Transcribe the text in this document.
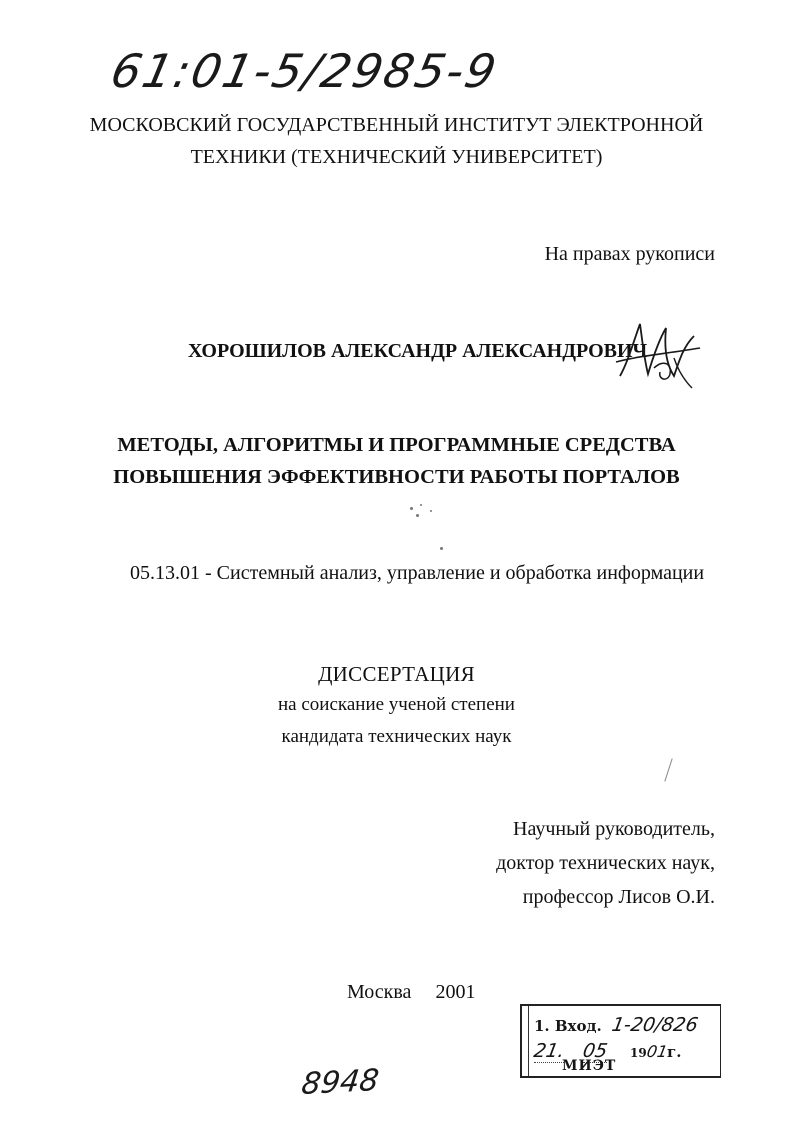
61:01-5/2985-9
МОСКОВСКИЙ ГОСУДАРСТВЕННЫЙ ИНСТИТУТ ЭЛЕКТРОННОЙ
ТЕХНИКИ (ТЕХНИЧЕСКИЙ УНИВЕРСИТЕТ)
На правах рукописи
ХОРОШИЛОВ АЛЕКСАНДР АЛЕКСАНДРОВИЧ
МЕТОДЫ, АЛГОРИТМЫ И ПРОГРАММНЫЕ СРЕДСТВА
ПОВЫШЕНИЯ ЭФФЕКТИВНОСТИ РАБОТЫ ПОРТАЛОВ
05.13.01 - Системный анализ, управление и обработка информации
ДИССЕРТАЦИЯ
на соискание ученой степени
кандидата технических наук
Научный руководитель,
доктор технических наук,
профессор Лисов О.И.
Москва 2001
1. Вход. 1-20/826
21. 05 1901г.
МИЭТ
8948
